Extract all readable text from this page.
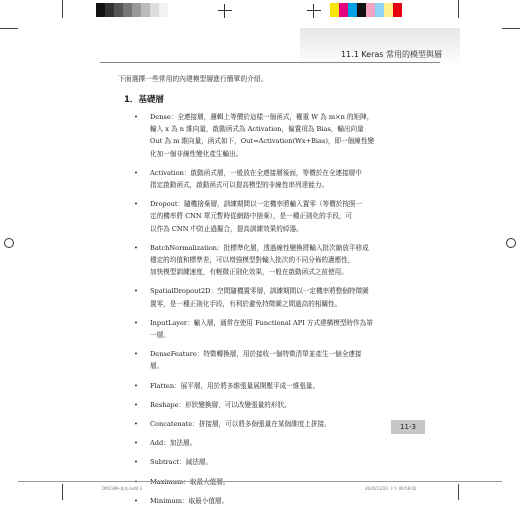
11.1 Keras 常用的模型與層
下面選擇一些常用的內建模型層進行簡單的介紹。
1．基礎層
• Dense：全連接層，邏輯上等價於這樣一個函式，權重 W 為 m×n 的矩陣，
輸入 x 為 n 維向量，啟動函式為 Activation，偏置項為 Bias，輸出向量
Out 為 m 維向量，函式如下，Out=Activation(Wx+Bias)，即一個線性變
化加一個非線性變化產生輸出。
• Activation：啟動函式層，一般放在全連接層後面，等價於在全連接層中
指定啟動函式，啟動函式可以提高模型的非線性串列達能力。
• Dropout：隨機捨棄層，訓練期間以一定機率將輸入置零（等價於按照一
定的機率將 CNN 單元暫時從網路中捨棄），是一種正則化的手段，可
以作為 CNN 中防止過擬合，提高訓練效果的綽器。
• BatchNormalization：批標準化層，透過線性變換將輸入批次縮放平移成
穩定的均值和標準差，可以增強模型對輸入批次的不同分佈的適應性，
加快模型訓練速度，有輕微正則化效果，一般在啟動函式之前使用。
• SpatialDropout2D：空間隨機置零層，訓練期間以一定機率將整個特徵圖
置零，是一種正則化手段，有利於避免特徵圖之間過高的相關性。
• InputLayer：輸入層，通常在使用 Functional API 方式建構模型時作為第
一層。
• DenseFeature：特徵轉換層，用於接收一個特徵清單並產生一個全連接
層。
• Flatten：展平層，用於將多維張量展開壓平成一維張量。
• Reshape：形狀變換層，可以改變張量的形狀。
• Concatenate：拼接層，可以將多個張量在某個維度上拼接。
• Add：加法層。
• Subtract：減法層。
• Minimum：取最小值層。
11-3
DM2389-基本.indd 3	2020/12/22 下午 09:59:02
